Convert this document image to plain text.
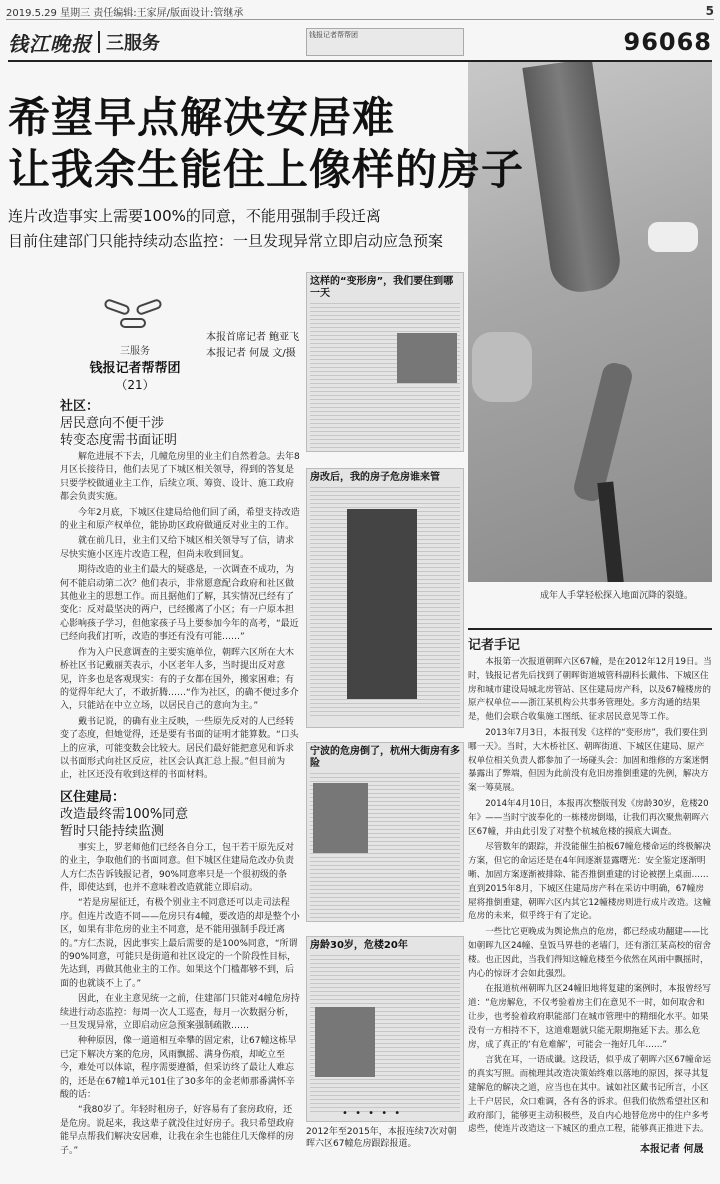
2019.5.29 星期三 责任编辑:王家屏/版面设计:管继承	5
钱江晚报 三服务	96068
钱报记者帮帮团
成年人手掌轻松探入地面沉降的裂缝。
希望早点解决安居难
让我余生能住上像样的房子
连片改造事实上需要100%的同意，不能用强制手段迁离
目前住建部门只能持续动态监控：一旦发现异常立即启动应急预案
三服务
钱报记者帮帮团
（21）
本报首席记者 鲍亚飞
本报记者 何晟 文/摄
社区：
居民意向不便干涉
转变态度需书面证明

解危进展不下去，几幢危房里的业主们自然着急。去年8月区长接待日，他们去见了下城区相关领导，得到的答复是只要学校做通业主工作，后续立项、筹资、设计、施工政府都会负责实施。

今年2月底，下城区住建局给他们回了函，希望支持改造的业主和原产权单位，能协助区政府做通反对业主的工作。

就在前几日，业主们又给下城区相关领导写了信，请求尽快实施小区连片改造工程，但尚未收到回复。

期待改造的业主们最大的疑惑是，一次调查不成功，为何不能启动第二次？他们表示，非常愿意配合政府和社区做其他业主的思想工作。而且据他们了解，其实情况已经有了变化：反对最坚决的两户，已经搬离了小区；有一户原本担心影响孩子学习，但他家孩子马上要参加今年的高考，“最近已经向我们打听，改造的事还有没有可能……”

作为入户民意调查的主要实施单位，朝晖六区所在大木桥社区书记戴丽芙表示，小区老年人多，当时提出反对意见，许多也是客观现实：有的子女都在国外，搬家困难；有的觉得年纪大了，不敢折腾……“作为社区，的确不便过多介入，只能站在中立立场，以居民自己的意向为主。”

戴书记说，的确有业主反映，一些原先反对的人已经转变了态度，但她觉得，还是要有书面的证明才能算数。“口头上的应承，可能变数会比较大。居民们最好能把意见和诉求以书面形式向社区反应，社区会认真汇总上报。”但目前为止，社区还没有收到这样的书面材料。

区住建局：
改造最终需100%同意
暂时只能持续监测

事实上，罗老师他们已经各自分工，包干若干原先反对的业主，争取他们的书面同意。但下城区住建局危改办负责人方仁杰告诉钱报记者，90%同意率只是一个很初级的条件，即使达到，也并不意味着改造就能立即启动。

“若是房屋征迁，有极个别业主不同意还可以走司法程序。但连片改造不同——危房只有4幢，要改造的却是整个小区，如果有非危房的业主不同意，是不能用强制手段迁离的。”方仁杰说，因此事实上最后需要的是100%同意，“所谓的90%同意，可能只是街道和社区设定的一个阶段性目标，先达到，再做其他业主的工作。如果这个门槛都够不到，后面的也就谈不上了。”

因此，在业主意见统一之前，住建部门只能对4幢危房持续进行动态监控：每周一次人工巡查，每月一次数据分析，一旦发现异常，立即启动应急预案强制疏散……

种种原因，像一道道相互牵攀的固定索，让67幢这栋早已定下解决方案的危房，风雨飘摇、满身伤痕，却屹立至今，难处可以体谅，程序需要遵循，但采访终了最让人难忘的，还是在67幢1单元101住了30多年的金老师那番满怀辛酸的话：

“我80岁了。年轻时租房子，好容易有了套房政府，还是危房。说起来，我这辈子就没住过好房子。我只希望政府能早点帮我们解决安居难，让我在余生也能住几天像样的房子。”

这样的“变形房”，我们要住到哪一天
房改后，我的房子危房谁来管
宁波的危房倒了，杭州大街房有多险
房龄30岁，危楼20年
• • • • •
2012年至2015年，本报连续7次对朝晖六区67幢危房跟踪报道。
记者手记

本报第一次报道朝晖六区67幢，是在2012年12月19日。当时，钱报记者先后找到了朝晖街道城管科副科长戴伟、下城区住房和城市建设局城北房管站、区住建局房产科，以及67幢楼房的原产权单位——浙江某机构公共事务管理处。多方沟通的结果是，他们会联合收集施工图纸、征求居民意见等工作。

2013年7月3日，本报刊发《这样的“变形房”，我们要住到哪一天》。当时，大木桥社区、朝晖街道、下城区住建局、原产权单位相关负责人都参加了一场碰头会：加固和维修的方案迷惘暴露出了弊端，但因为此前没有危旧房推倒重建的先例，解决方案一筹莫展。

2014年4月10日，本报再次整版刊发《房龄30岁，危楼20年》——当时宁波奉化的一栋楼房倒塌，让我们再次聚焦朝晖六区67幢，并由此引发了对整个杭城危楼的摸底大调查。

尽管数年的跟踪，并没能催生拍板67幢危楼命运的终极解决方案，但它的命运还是在4年间逐渐显露曙光：安全鉴定逐渐明晰、加固方案逐渐被排除、能否推倒重建的讨论被摆上桌面……直到2015年8月，下城区住建局房产科在采访中明确，67幢房屋将推倒重建，朝晖六区内其它12幢楼房则进行成片改造。这幢危房的未来，似乎终于有了定论。

一些比它更晚成为舆论焦点的危房，都已经成功翻建——比如朝晖九区24幢、皇饭马界巷的老墙门，还有浙江某高校的宿舍楼。也正因此，当我们得知这幢危楼至今依然在风雨中飘摇时，内心的惊讶才会如此强烈。

在报道杭州朝晖九区24幢旧地将复建的案例时，本报曾经写道：“危房解危，不仅考验着房主们在意见不一时，如何取舍和让步，也考验着政府职能部门在城市管理中的精细化水平。如果没有一方相持不下，这道难题就只能无限期拖延下去。那么危房，成了真正的‘有危难解’，可能会一拖好几年……”

言犹在耳，一语成谶。这段话，似乎成了朝晖六区67幢命运的真实写照。而梳理其改造决策始终难以落地的原因，探寻其复建解危的解决之道，应当也在其中。诚如社区戴书记所言，小区上千户居民，众口难调，各有各的诉求。但我们依然希望社区和政府部门，能够更主动积极些，及自内心地替危房中的住户多考虑些，使连片改造这一下城区的重点工程，能够真正推进下去。

本报记者 何晟
